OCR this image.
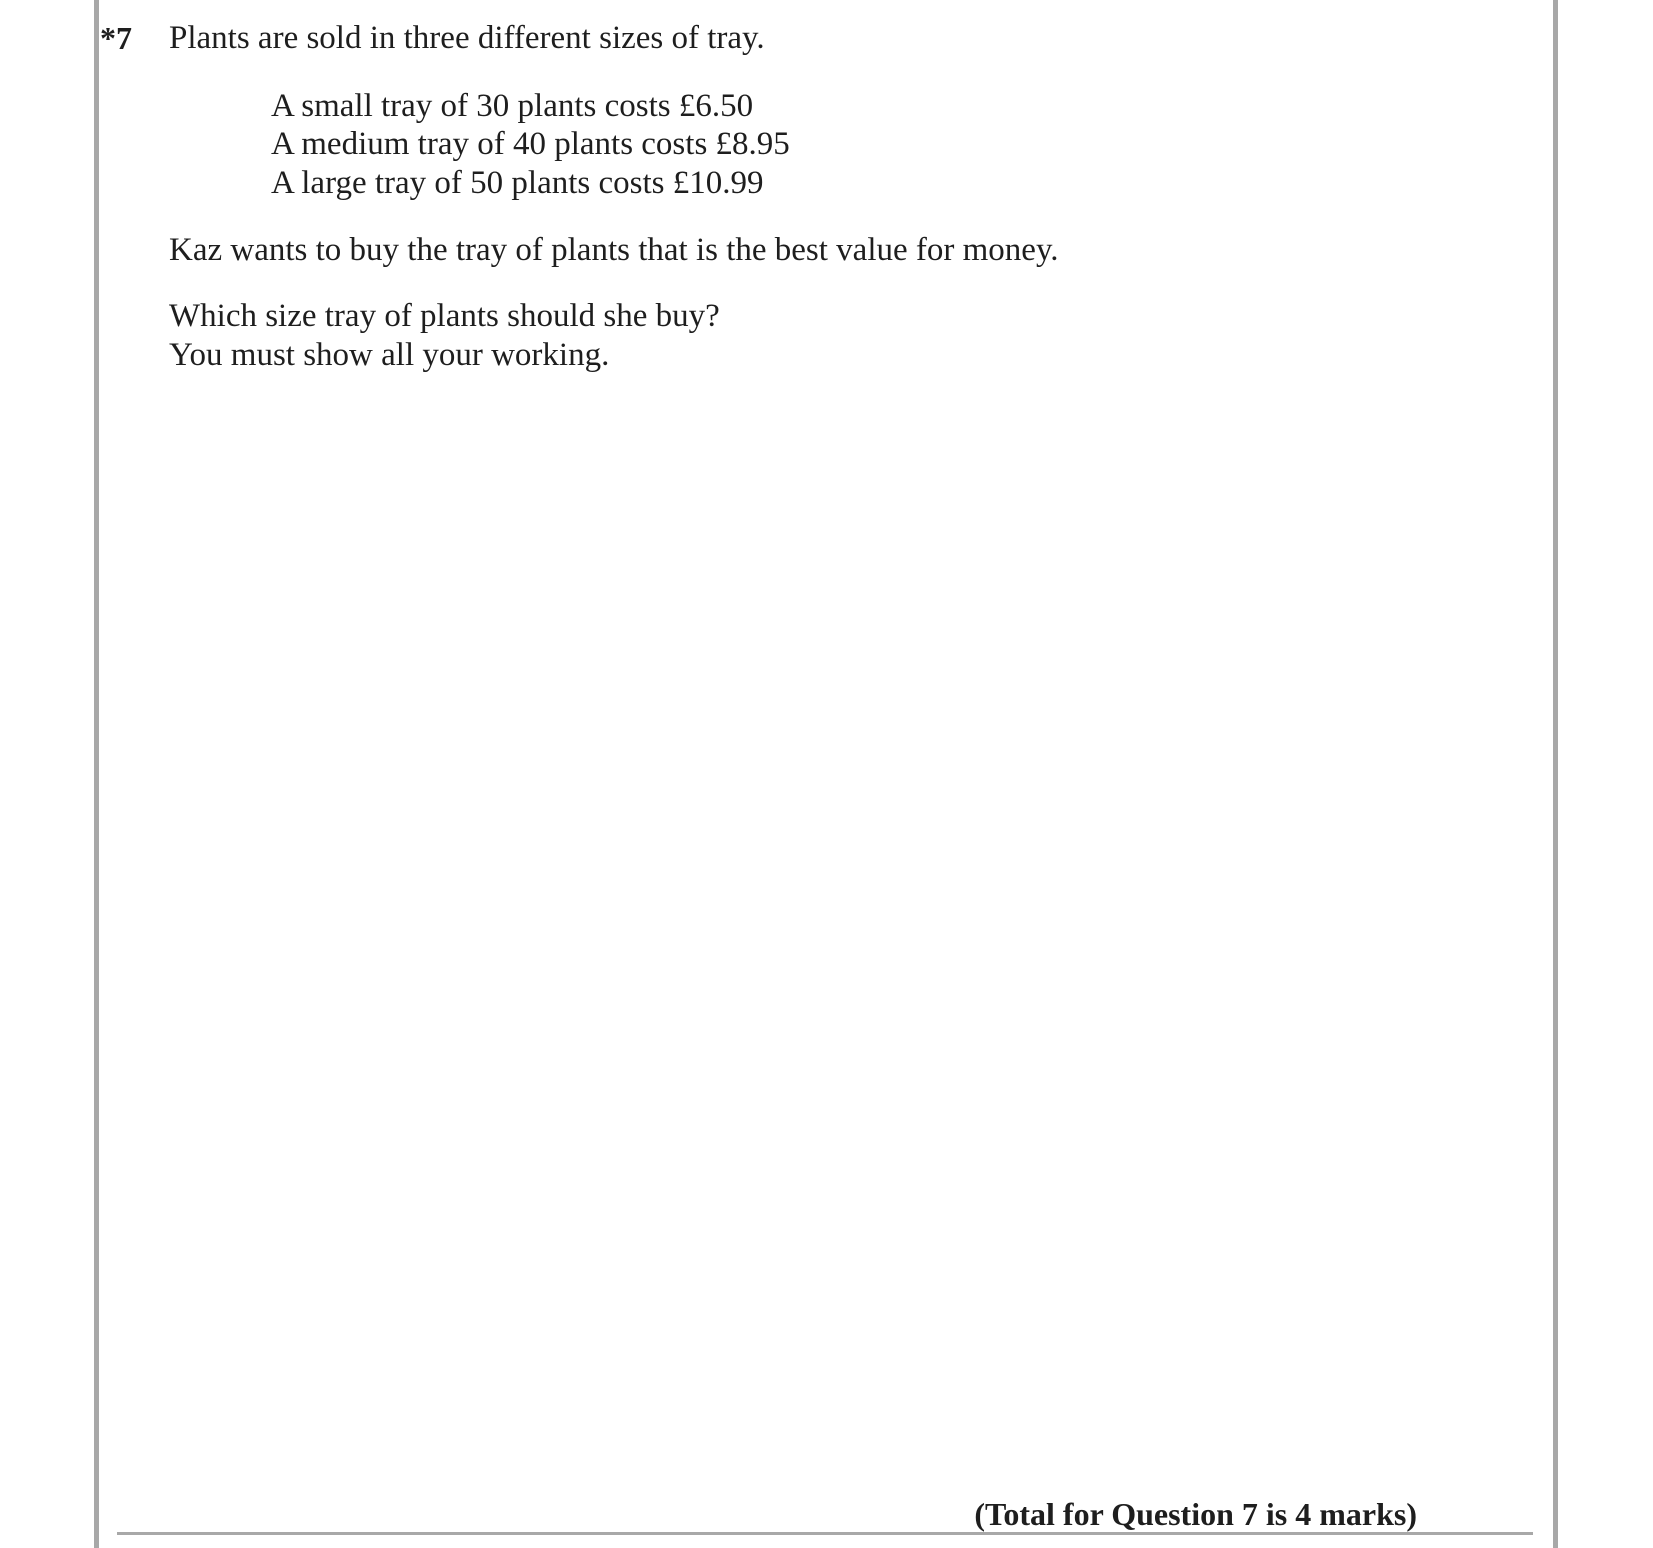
*7 Plants are sold in three different sizes of tray.
A small tray of 30 plants costs £6.50
A medium tray of 40 plants costs £8.95
A large tray of 50 plants costs £10.99
Kaz wants to buy the tray of plants that is the best value for money.
Which size tray of plants should she buy?
You must show all your working.
(Total for Question 7 is 4 marks)
